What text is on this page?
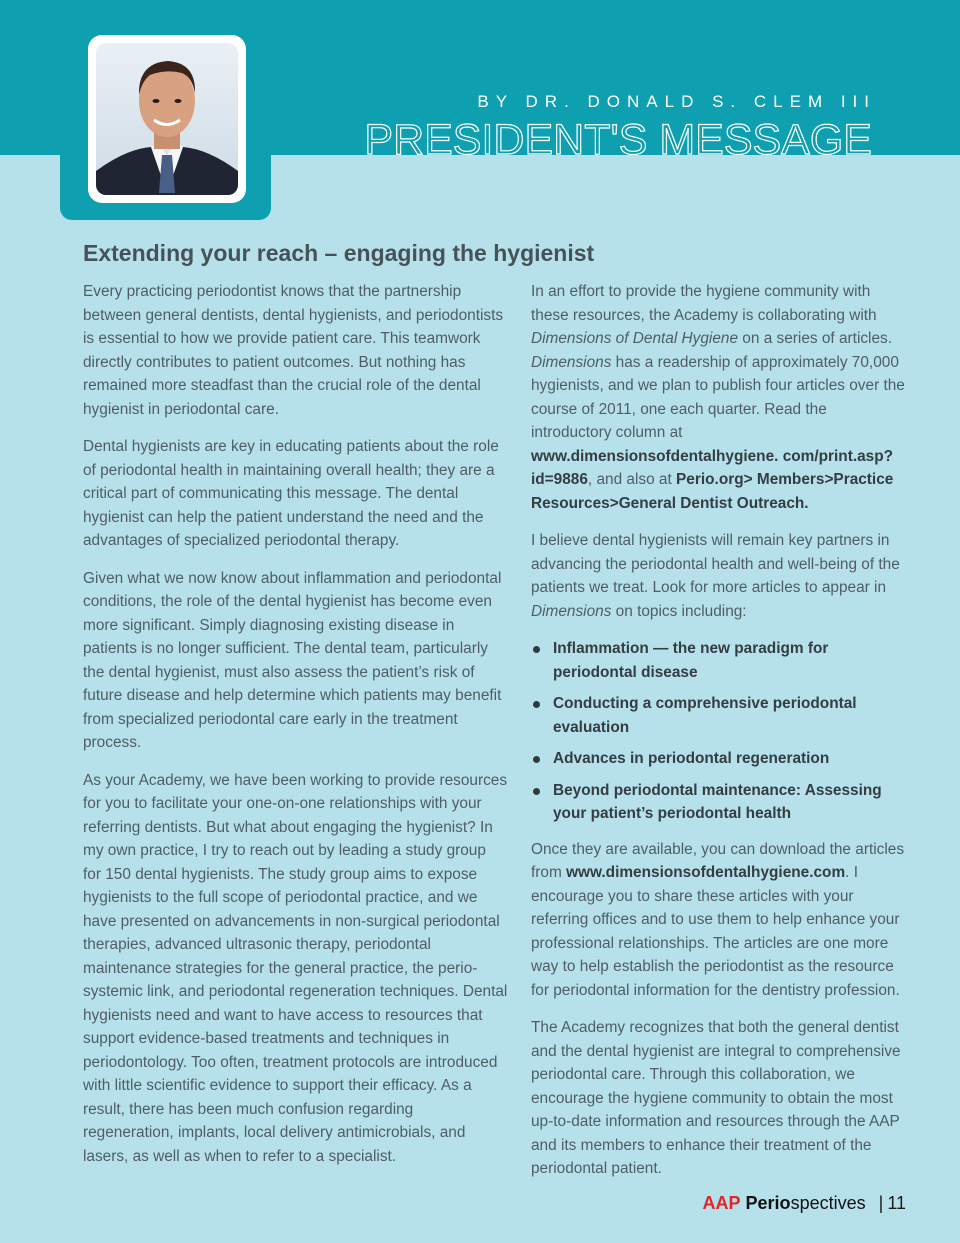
BY DR. DONALD S. CLEM III
PRESIDENT'S MESSAGE
Extending your reach – engaging the hygienist

Every practicing periodontist knows that the partnership between general dentists, dental hygienists, and periodontists is essential to how we provide patient care. This teamwork directly contributes to patient outcomes. But nothing has remained more steadfast than the crucial role of the dental hygienist in periodontal care.

Dental hygienists are key in educating patients about the role of periodontal health in maintaining overall health; they are a critical part of communicating this message. The dental hygienist can help the patient understand the need and the advantages of specialized periodontal therapy.

Given what we now know about inflammation and periodontal conditions, the role of the dental hygienist has become even more significant. Simply diagnosing existing disease in patients is no longer sufficient. The dental team, particularly the dental hygienist, must also assess the patient’s risk of future disease and help determine which patients may benefit from specialized periodontal care early in the treatment process.

As your Academy, we have been working to provide resources for you to facilitate your one-on-one relationships with your referring dentists. But what about engaging the hygienist? In my own practice, I try to reach out by leading a study group for 150 dental hygienists. The study group aims to expose hygienists to the full scope of periodontal practice, and we have presented on advancements in non-surgical periodontal therapies, advanced ultrasonic therapy, periodontal maintenance strategies for the general practice, the perio-systemic link, and periodontal regeneration techniques. Dental hygienists need and want to have access to resources that support evidence-based treatments and techniques in periodontology. Too often, treatment protocols are introduced with little scientific evidence to support their efficacy. As a result, there has been much confusion regarding regeneration, implants, local delivery antimicrobials, and lasers, as well as when to refer to a specialist.

In an effort to provide the hygiene community with these resources, the Academy is collaborating with Dimensions of Dental Hygiene on a series of articles. Dimensions has a readership of approximately 70,000 hygienists, and we plan to publish four articles over the course of 2011, one each quarter. Read the introductory column at www.dimensionsofdentalhygiene. com/print.asp?id=9886, and also at Perio.org> Members>Practice Resources>General Dentist Outreach.

I believe dental hygienists will remain key partners in advancing the periodontal health and well-being of the patients we treat. Look for more articles to appear in Dimensions on topics including:

Inflammation — the new paradigm for periodontal disease
Conducting a comprehensive periodontal evaluation
Advances in periodontal regeneration
Beyond periodontal maintenance: Assessing your patient’s periodontal health

Once they are available, you can download the articles from www.dimensionsofdentalhygiene.com. I encourage you to share these articles with your referring offices and to use them to help enhance your professional relationships. The articles are one more way to help establish the periodontist as the resource for periodontal information for the dentistry profession.

The Academy recognizes that both the general dentist and the dental hygienist are integral to comprehensive periodontal care. Through this collaboration, we encourage the hygiene community to obtain the most up-to-date information and resources through the AAP and its members to enhance their treatment of the periodontal patient.

AAP Periospectives | 11
